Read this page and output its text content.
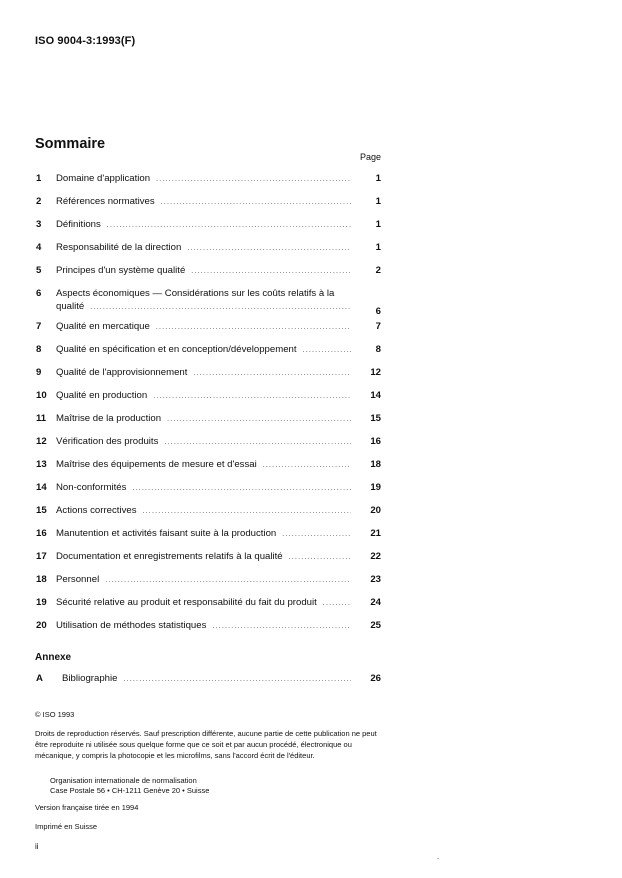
ISO 9004-3:1993(F)
Sommaire
Page
1	Domaine d'application .....	1
2	Références normatives .....	1
3	Définitions .....	1
4	Responsabilité de la direction .....	1
5	Principes d'un système qualité .....	2
6	Aspects économiques — Considérations sur les coûts relatifs à la
qualité .....	6
7	Qualité en mercatique .....	7
8	Qualité en spécification et en conception/développement .....	8
9	Qualité de l'approvisionnement .....	12
10 Qualité en production .....	14
11	Maîtrise de la production .....	15
12 Vérification des produits .....	16
13 Maîtrise des équipements de mesure et d'essai .....	18
14 Non-conformités .....	19
15 Actions correctives .....	20
16 Manutention et activités faisant suite à la production .....	21
17 Documentation et enregistrements relatifs à la qualité .....	22
18 Personnel .....	23
19 Sécurité relative au produit et responsabilité du fait du produit .....	24
20 Utilisation de méthodes statistiques .....	25
Annexe
A	Bibliographie .....	26
© ISO 1993
Droits de reproduction réservés. Sauf prescription différente, aucune partie de cette publication ne peut être reproduite ni utilisée sous quelque forme que ce soit et par aucun procédé, électronique ou mécanique, y compris la photocopie et les microfilms, sans l'accord écrit de l'éditeur.
Organisation internationale de normalisation
Case Postale 56 • CH-1211 Genève 20 • Suisse
Version française tirée en 1994
Imprimé en Suisse
ii
